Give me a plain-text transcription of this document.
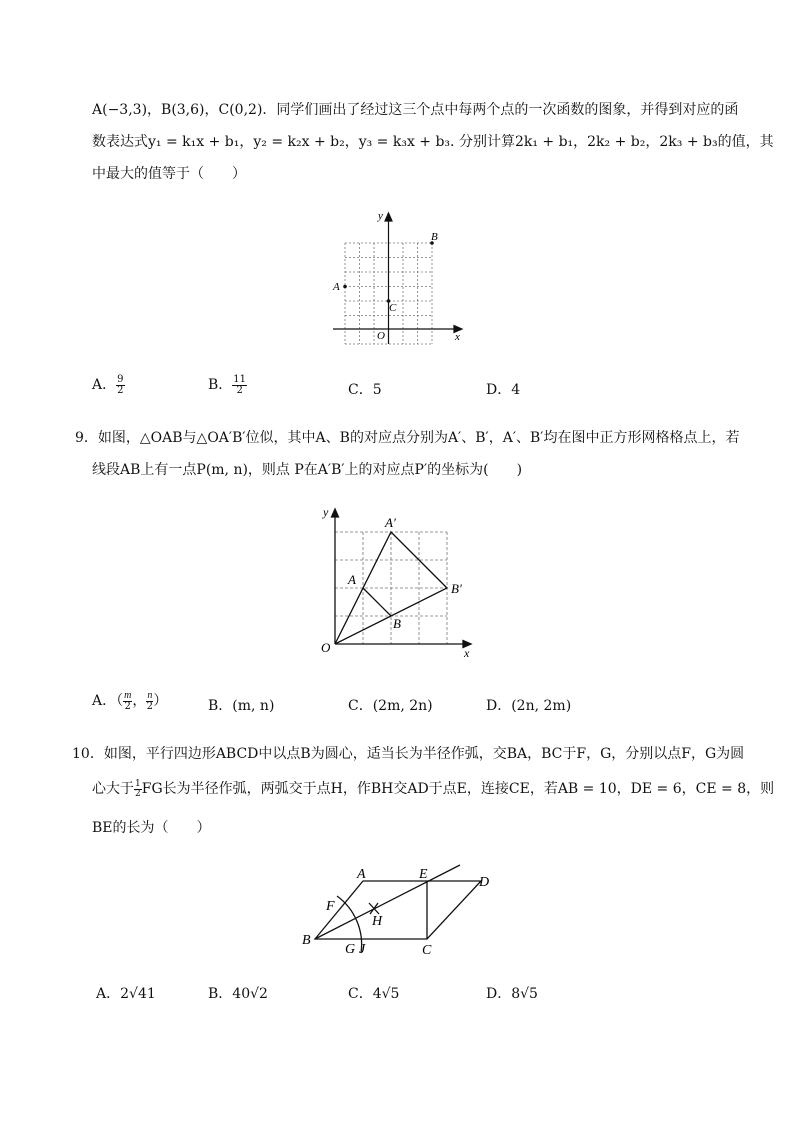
A(−3,3)，B(3,6)，C(0,2)．同学们画出了经过这三个点中每两个点的一次函数的图象，并得到对应的函
数表达式y₁ = k₁x + b₁，y₂ = k₂x + b₂，y₃ = k₃x + b₃. 分别计算2k₁ + b₁，2k₂ + b₂，2k₃ + b₃的值，其
中最大的值等于（　　）
y
x
O
A
B
C
A． $\frac{9}{2}$	B． $\frac{11}{2}$	C．5	D．4
9．如图，△OAB与△OA′B′位似，其中A、B的对应点分别为A′、B′，A′、B′均在图中正方形网格格点上，若
线段AB上有一点P(m, n)，则点 P在A′B′上的对应点P′的坐标为(　　)
y
x
O
A
B
A′
B′
A．（ $\frac{m}{2}$ ， $\frac{n}{2}$ ）	B．(m, n)	C．(2m, 2n)	D．(2n, 2m)
10．如图，平行四边形ABCD中以点B为圆心，适当长为半径作弧，交BA，BC于F，G，分别以点F，G为圆
心大于 $\frac{1}{2}$ FG长为半径作弧，两弧交于点H，作BH交AD于点E，连接CE，若AB = 10，DE = 6，CE = 8，则
BE的长为（　　）
A
B
C
D
E
F
G
H
J
A．2√41	B．40√2	C．4√5	D．8√5
